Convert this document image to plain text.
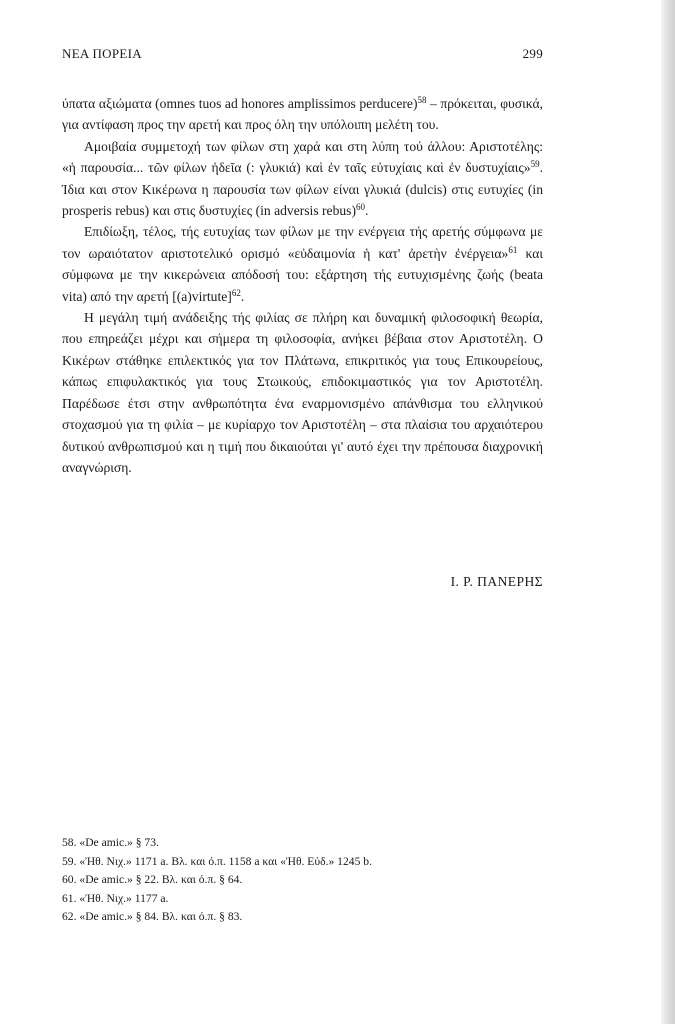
ΝΕΑ ΠΟΡΕΙΑ	299

ύπατα αξιώματα (omnes tuos ad honores amplissimos perducere)$^{58}$ – πρόκειται, φυσικά, για αντίφαση προς την αρετή και προς όλη την υπόλοιπη μελέτη του.

Αμοιβαία συμμετοχή των φίλων στη χαρά και στη λύπη τού άλλου: Αριστοτέλης: «ἡ παρουσία... τῶν φίλων ἡδεῖα (: γλυκιά) καὶ ἐν ταῖς εὐτυχίαις καὶ ἐν δυστυχίαις»$^{59}$. Ίδια και στον Κικέρωνα η παρουσία των φίλων είναι γλυκιά (dulcis) στις ευτυχίες (in prosperis rebus) και στις δυστυχίες (in adversis rebus)$^{60}$.

Επιδίωξη, τέλος, τής ευτυχίας των φίλων με την ενέργεια τής αρετής σύμφωνα με τον ωραιότατον αριστοτελικό ορισμό «εὐδαιμονία ἡ κατ' ἀρετὴν ἐνέργεια»$^{61}$ και σύμφωνα με την κικερώνεια απόδοσή του: εξάρτηση τής ευτυχισμένης ζωής (beata vita) από την αρετή [(a)virtute]$^{62}$.

Η μεγάλη τιμή ανάδειξης τής φιλίας σε πλήρη και δυναμική φιλοσοφική θεωρία, που επηρεάζει μέχρι και σήμερα τη φιλοσοφία, ανήκει βέβαια στον Αριστοτέλη. Ο Κικέρων στάθηκε επιλεκτικός για τον Πλάτωνα, επικριτικός για τους Επικουρείους, κάπως επιφυλακτικός για τους Στωικούς, επιδοκιμαστικός για τον Αριστοτέλη. Παρέδωσε έτσι στην ανθρωπότητα ένα εναρμονισμένο απάνθισμα του ελληνικού στοχασμού για τη φιλία – με κυρίαρχο τον Αριστοτέλη – στα πλαίσια του αρχαιότερου δυτικού ανθρωπισμού και η τιμή που δικαιούται γι' αυτό έχει την πρέπουσα διαχρονική αναγνώριση.

Ι. Ρ. ΠΑΝΕΡΗΣ
58. «De amic.» § 73.
59. «Ἠθ. Νιχ.» 1171 a. Βλ. και ό.π. 1158 a και «Ἠθ. Εὐδ.» 1245 b.
60. «De amic.» § 22. Βλ. και ό.π. § 64.
61. «Ἠθ. Νιχ.» 1177 a.
62. «De amic.» § 84. Βλ. και ό.π. § 83.
